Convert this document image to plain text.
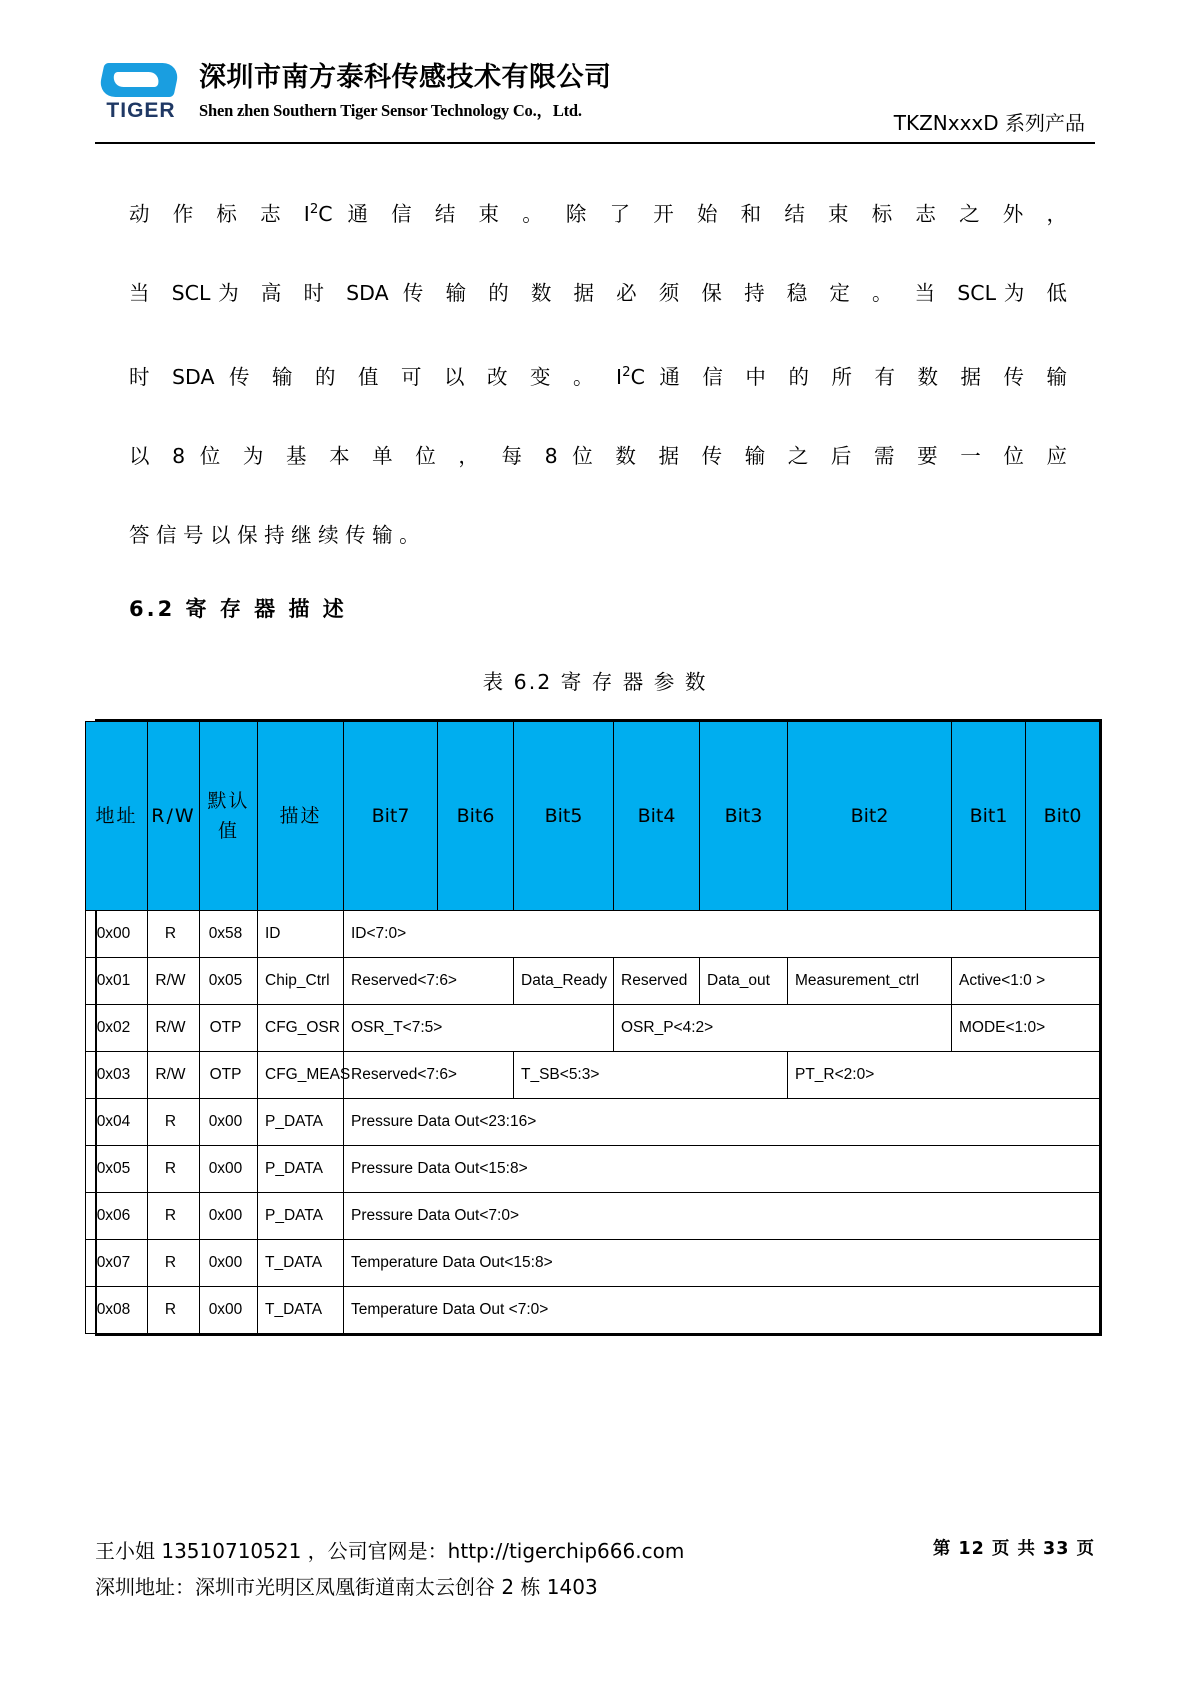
TIGER
深圳市南方泰科传感技术有限公司
Shen zhen Southern Tiger Sensor Technology Co.，Ltd.
TKZNxxxD 系列产品
动 作 标 志 $I^2C$ 通 信 结 束 。 除 了 开 始 和 结 束 标 志 之 外 ，
当 SCL为 高 时 SDA 传 输 的 数 据 必 须 保 持 稳 定 。 当 SCL为 低
时 SDA 传 输 的 值 可 以 改 变 。 $I^2C$ 通 信 中 的 所 有 数 据 传 输
以 8 位 为 基 本 单 位 ， 每 8 位 数 据 传 输 之 后 需 要 一 位 应
答 信 号 以 保 持 继 续 传 输 。
6.2 寄 存 器 描 述
表 6.2 寄 存 器 参 数
地址	R/W	默认值	描述	Bit7	Bit6	Bit5	Bit4	Bit3	Bit2	Bit1	Bit0
0x00	R	0x58	ID	ID<7:0>							
0x01	R/W	0x05	Chip_Ctrl	Reserved<7:6>		Data_Ready	Reserved	Data_out	Measurement_ctrl	Active<1:0 >	
0x02	R/W	OTP	CFG_OSR	OSR_T<7:5>			OSR_P<4:2>			MODE<1:0>	
0x03	R/W	OTP	CFG_MEAS	Reserved<7:6>		T_SB<5:3>			PT_R<2:0>		
0x04	R	0x00	P_DATA	Pressure Data Out<23:16>							
0x05	R	0x00	P_DATA	Pressure Data Out<15:8>							
0x06	R	0x00	P_DATA	Pressure Data Out<7:0>							
0x07	R	0x00	T_DATA	Temperature Data Out<15:8>							
0x08	R	0x00	T_DATA	Temperature Data Out <7:0>							
王小姐 13510710521 ，公司官网是：http://tigerchip666.com
深圳地址：深圳市光明区凤凰街道南太云创谷 2 栋 1403
第 12 页 共 33 页
